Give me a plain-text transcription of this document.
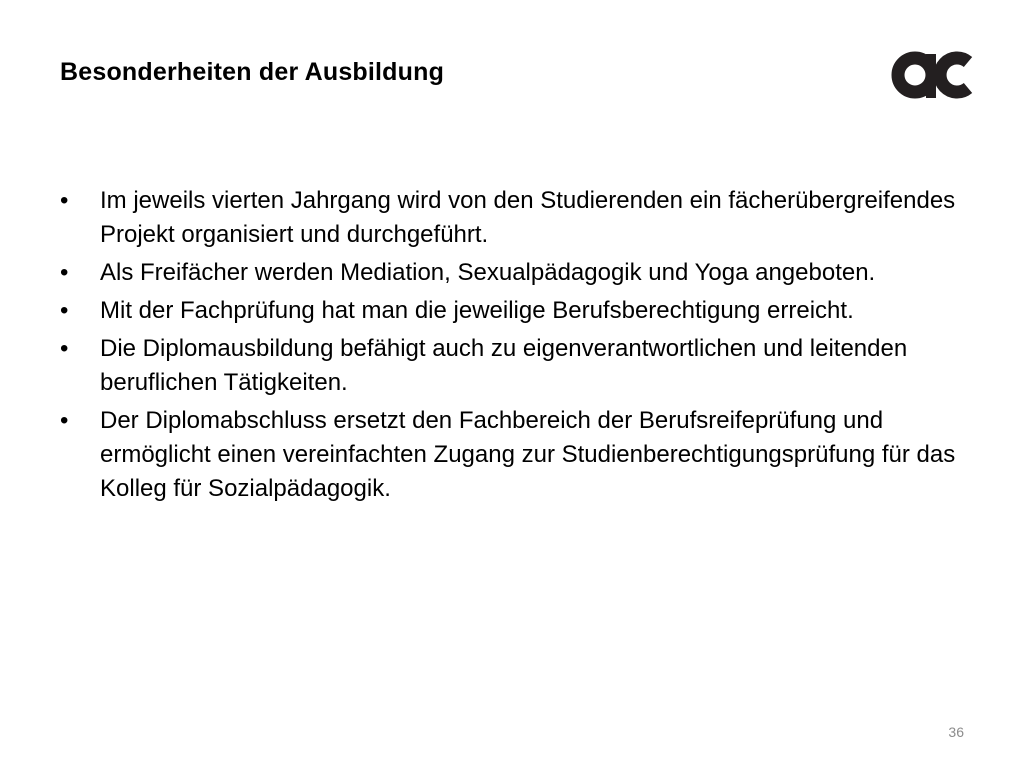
Besonderheiten der Ausbildung
•	Im jeweils vierten Jahrgang wird von den Studierenden ein fächerübergreifendes Projekt organisiert und durchgeführt.
•	Als Freifächer werden Mediation, Sexualpädagogik und Yoga angeboten.
•	Mit der Fachprüfung hat man die jeweilige Berufsberechtigung erreicht.
•	Die Diplomausbildung befähigt auch zu eigenverantwortlichen und leitenden beruflichen Tätigkeiten.
•	Der Diplomabschluss ersetzt den Fachbereich der Berufsreifeprüfung und ermöglicht einen vereinfachten Zugang zur Studienberechtigungsprüfung für das Kolleg für Sozialpädagogik.
36
